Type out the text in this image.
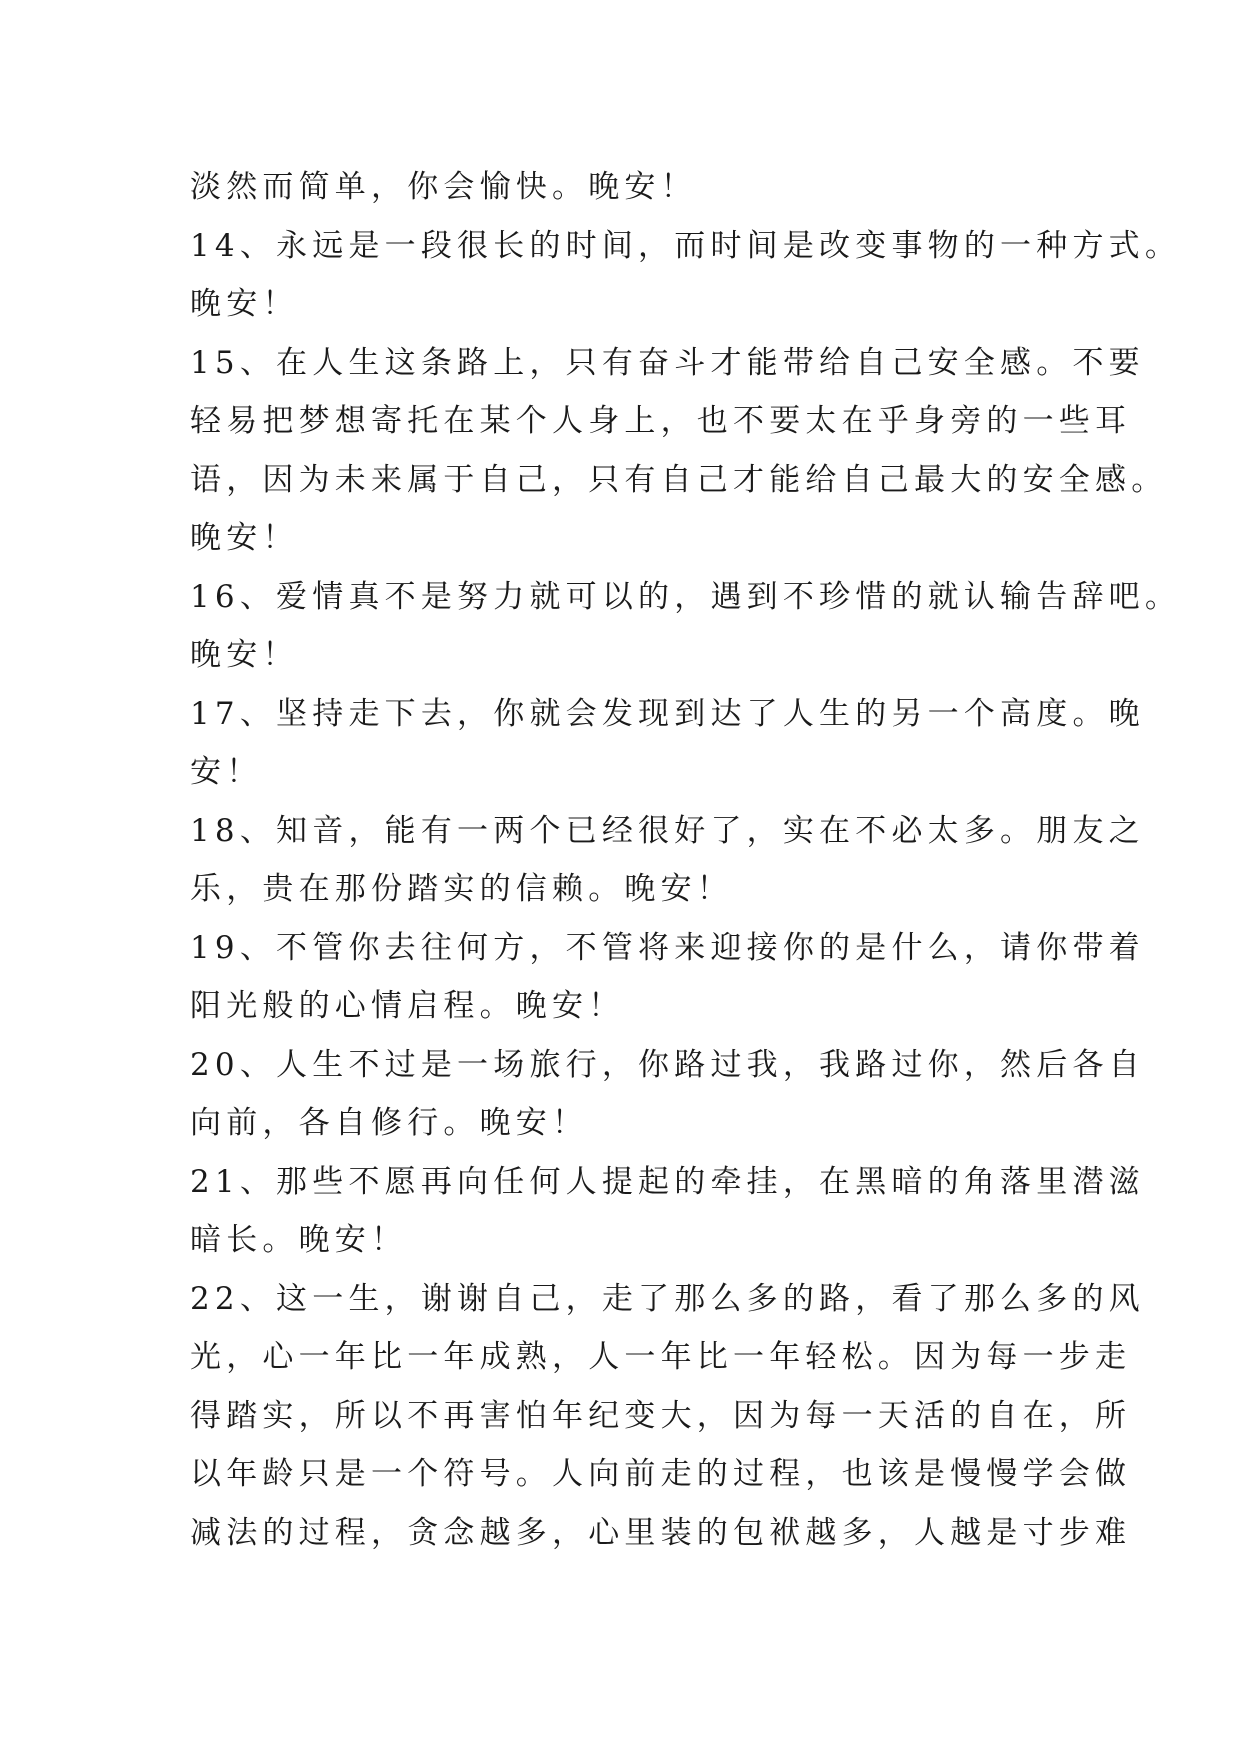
淡然而简单，你会愉快。晚安！
14、永远是一段很长的时间，而时间是改变事物的一种方式。
晚安！
15、在人生这条路上，只有奋斗才能带给自己安全感。不要
轻易把梦想寄托在某个人身上，也不要太在乎身旁的一些耳
语，因为未来属于自己，只有自己才能给自己最大的安全感。
晚安！
16、爱情真不是努力就可以的，遇到不珍惜的就认输告辞吧。
晚安！
17、坚持走下去，你就会发现到达了人生的另一个高度。晚
安！
18、知音，能有一两个已经很好了，实在不必太多。朋友之
乐，贵在那份踏实的信赖。晚安！
19、不管你去往何方，不管将来迎接你的是什么，请你带着
阳光般的心情启程。晚安！
20、人生不过是一场旅行，你路过我，我路过你，然后各自
向前，各自修行。晚安！
21、那些不愿再向任何人提起的牵挂，在黑暗的角落里潜滋
暗长。晚安！
22、这一生，谢谢自己，走了那么多的路，看了那么多的风
光，心一年比一年成熟，人一年比一年轻松。因为每一步走
得踏实，所以不再害怕年纪变大，因为每一天活的自在，所
以年龄只是一个符号。人向前走的过程，也该是慢慢学会做
减法的过程，贪念越多，心里装的包袱越多，人越是寸步难
